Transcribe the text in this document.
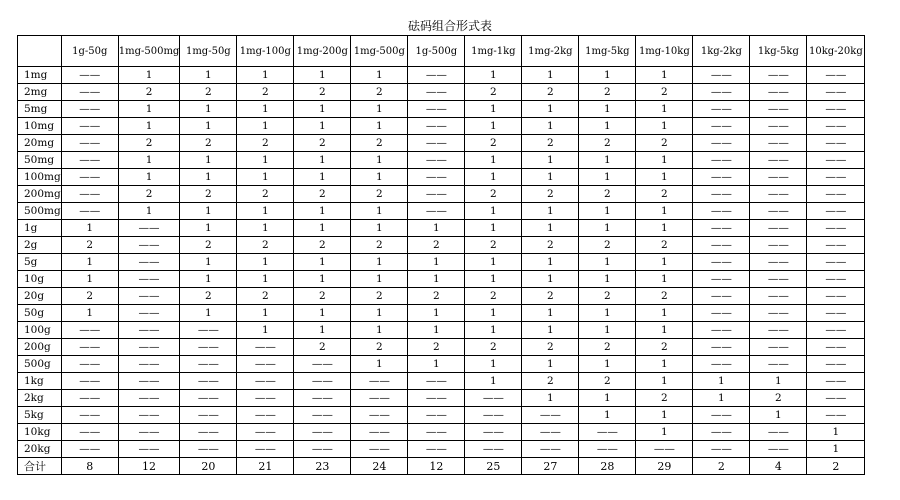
砝码组合形式表
	1g-50g	1mg-500mg	1mg-50g	1mg-100g	1mg-200g	1mg-500g	1g-500g	1mg-1kg	1mg-2kg	1mg-5kg	1mg-10kg	1kg-2kg	1kg-5kg	10kg-20kg
1mg	——	1	1	1	1	1	——	1	1	1	1	——	——	——
2mg	——	2	2	2	2	2	——	2	2	2	2	——	——	——
5mg	——	1	1	1	1	1	——	1	1	1	1	——	——	——
10mg	——	1	1	1	1	1	——	1	1	1	1	——	——	——
20mg	——	2	2	2	2	2	——	2	2	2	2	——	——	——
50mg	——	1	1	1	1	1	——	1	1	1	1	——	——	——
100mg	——	1	1	1	1	1	——	1	1	1	1	——	——	——
200mg	——	2	2	2	2	2	——	2	2	2	2	——	——	——
500mg	——	1	1	1	1	1	——	1	1	1	1	——	——	——
1g	1	——	1	1	1	1	1	1	1	1	1	——	——	——
2g	2	——	2	2	2	2	2	2	2	2	2	——	——	——
5g	1	——	1	1	1	1	1	1	1	1	1	——	——	——
10g	1	——	1	1	1	1	1	1	1	1	1	——	——	——
20g	2	——	2	2	2	2	2	2	2	2	2	——	——	——
50g	1	——	1	1	1	1	1	1	1	1	1	——	——	——
100g	——	——	——	1	1	1	1	1	1	1	1	——	——	——
200g	——	——	——	——	2	2	2	2	2	2	2	——	——	——
500g	——	——	——	——	——	1	1	1	1	1	1	——	——	——
1kg	——	——	——	——	——	——	——	1	2	2	1	1	1	——
2kg	——	——	——	——	——	——	——	——	1	1	2	1	2	——
5kg	——	——	——	——	——	——	——	——	——	1	1	——	1	——
10kg	——	——	——	——	——	——	——	——	——	——	1	——	——	1
20kg	——	——	——	——	——	——	——	——	——	——	——	——	——	1
合计	8	12	20	21	23	24	12	25	27	28	29	2	4	2
